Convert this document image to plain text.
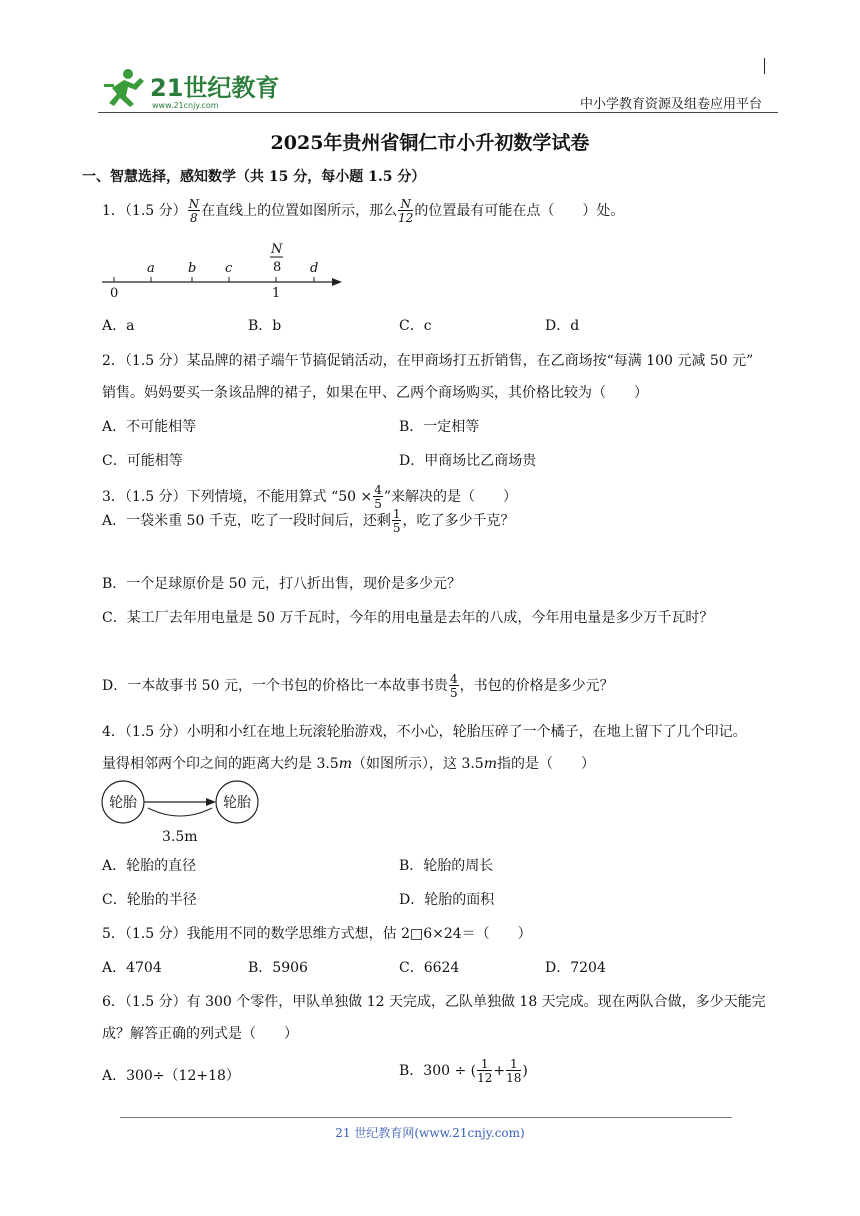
21世纪教育
www.21cnjy.com	中小学教育资源及组卷应用平台
2025年贵州省铜仁市小升初数学试卷
一、智慧选择，感知数学（共 15 分，每小题 1.5 分）
1．（1.5 分） $\frac{N}{8}$ 在直线上的位置如图所示，那么 $\frac{N}{12}$ 的位置最有可能在点（　　）处。
a	b c	d
N
8
0	1
A．a	B．b	C．c	D．d
2．（1.5 分）某品牌的裙子端午节搞促销活动，在甲商场打五折销售，在乙商场按“每满 100 元减 50 元”
销售。妈妈要买一条该品牌的裙子，如果在甲、乙两个商场购买，其价格比较为（　　）
A．不可能相等	B．一定相等
C．可能相等	D．甲商场比乙商场贵
3．（1.5 分）下列情境，不能用算式 “$50 \times \frac{4}{5}$ ”来解决的是（　　）
A．一袋米重 50 千克，吃了一段时间后，还剩 $\frac{1}{5}$ ，吃了多少千克？
B．一个足球原价是 50 元，打八折出售，现价是多少元？
C．某工厂去年用电量是 50 万千瓦时，今年的用电量是去年的八成，今年用电量是多少万千瓦时？
D．一本故事书 50 元，一个书包的价格比一本故事书贵 $\frac{4}{5}$ ，书包的价格是多少元？
4．（1.5 分）小明和小红在地上玩滚轮胎游戏，不小心，轮胎压碎了一个橘子，在地上留下了几个印记。
量得相邻两个印之间的距离大约是 3.5m（如图所示），这 3.5m指的是（　　）
轮胎	轮胎
3.5m
A．轮胎的直径	B．轮胎的周长
C．轮胎的半径	D．轮胎的面积
5．（1.5 分）我能用不同的数学思维方式想，估 2□6×24＝（　　）
A．4704	B．5906	C．6624	D．7204
6．（1.5 分）有 300 个零件，甲队单独做 12 天完成，乙队单独做 18 天完成。现在两队合做，多少天能完
成？解答正确的列式是（　　）
A．300÷（12+18）	B．300 ÷ ( $\frac{1}{12} + \frac{1}{18}$ )
21 世纪教育网(www.21cnjy.com)
